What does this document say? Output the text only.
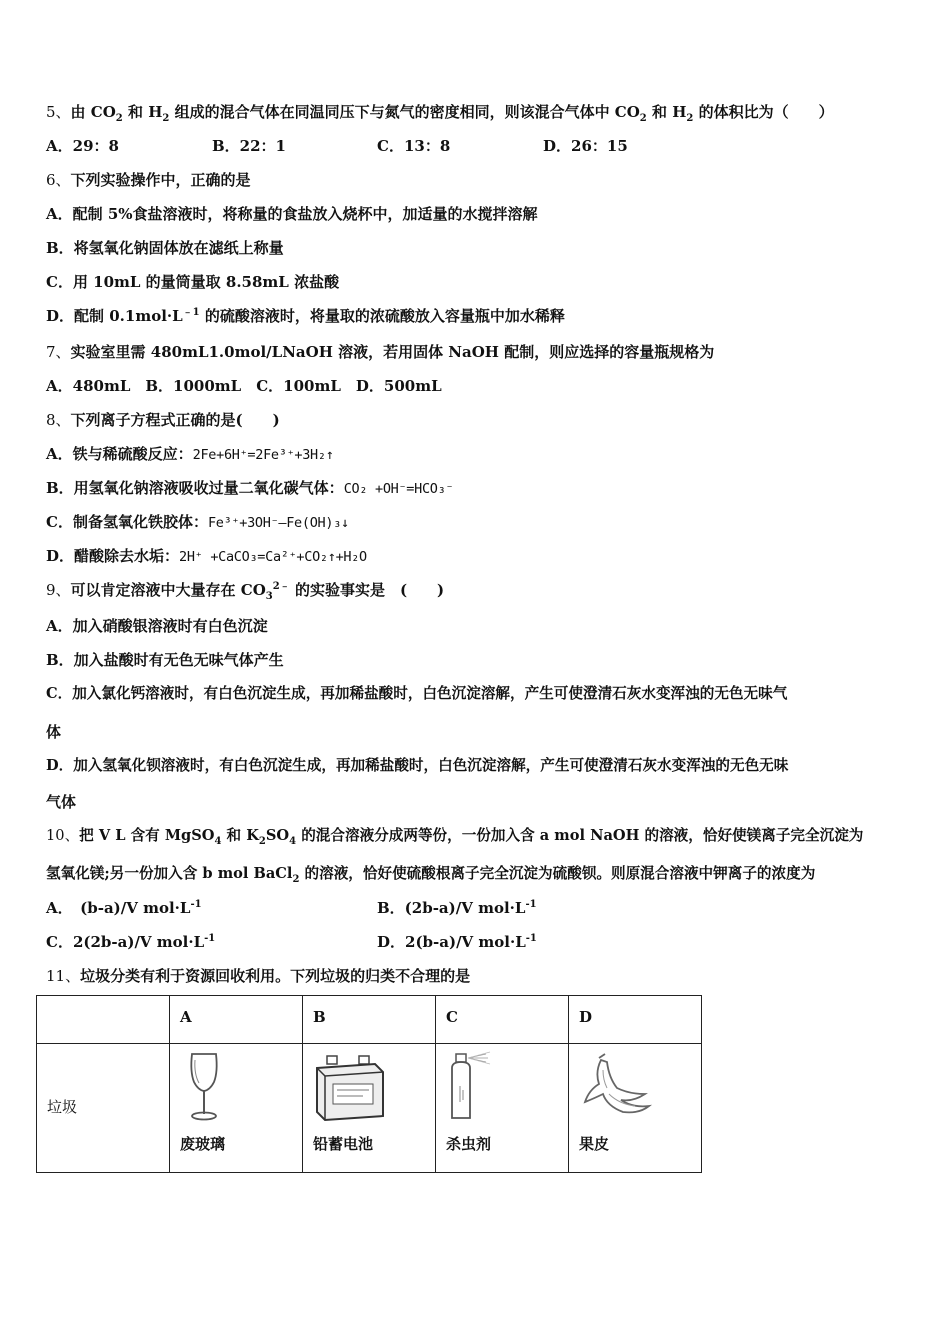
5、由 $CO_2$ 和 $H_2$ 组成的混合气体在同温同压下与氮气的密度相同，则该混合气体中 $CO_2$ 和 $H_2$ 的体积比为（　　）
A．29：8	B．22：1	C．13：8	D．26：15
6、下列实验操作中，正确的是
A．配制 5%食盐溶液时，将称量的食盐放入烧杯中，加适量的水搅拌溶解
B．将氢氧化钠固体放在滤纸上称量
C．用 10mL 的量筒量取 8.58mL 浓盐酸
D．配制 $0.1mol\cdot L^{﹣1}$ 的硫酸溶液时，将量取的浓硫酸放入容量瓶中加水稀释
7、实验室里需 480mL1.0mol/LNaOH 溶液，若用固体 NaOH 配制，则应选择的容量瓶规格为
A．480mL　B．1000mL　C．100mL　D．500mL
8、下列离子方程式正确的是(　　)
A．铁与稀硫酸反应：2Fe+6H⁺=2Fe³⁺+3H₂↑
B．用氢氧化钠溶液吸收过量二氧化碳气体：CO₂ +OH⁻=HCO₃⁻
C．制备氢氧化铁胶体：Fe³⁺+3OH⁻–Fe(OH)₃↓
D．醋酸除去水垢：2H⁺ +CaCO₃=Ca²⁺+CO₂↑+H₂O
9、可以肯定溶液中大量存在 $CO_3^{2﹣}$ 的实验事实是　(　　)
A．加入硝酸银溶液时有白色沉淀
B．加入盐酸时有无色无味气体产生
C．加入氯化钙溶液时，有白色沉淀生成，再加稀盐酸时，白色沉淀溶解，产生可使澄清石灰水变浑浊的无色无味气
体
D．加入氢氧化钡溶液时，有白色沉淀生成，再加稀盐酸时，白色沉淀溶解，产生可使澄清石灰水变浑浊的无色无味
气体
10、把 V L 含有 MgSO$_4$ 和 $K_2SO_4$ 的混合溶液分成两等份，一份加入含 a mol NaOH 的溶液，恰好使镁离子完全沉淀为
氢氧化镁;另一份加入含 b mol BaCl$_2$ 的溶液，恰好使硫酸根离子完全沉淀为硫酸钡。则原混合溶液中钾离子的浓度为
A．　(b-a)/V $mol\cdot L^{-1}$	B．(2b-a)/V $mol\cdot L^{-1}$
C．2(2b-a)/V $mol\cdot L^{-1}$	D．2(b-a)/V $mol\cdot L^{-1}$
11、垃圾分类有利于资源回收利用。下列垃圾的归类不合理的是

	A	B	C	D

垃圾	废玻璃	铅蓄电池	杀虫剂	果皮
